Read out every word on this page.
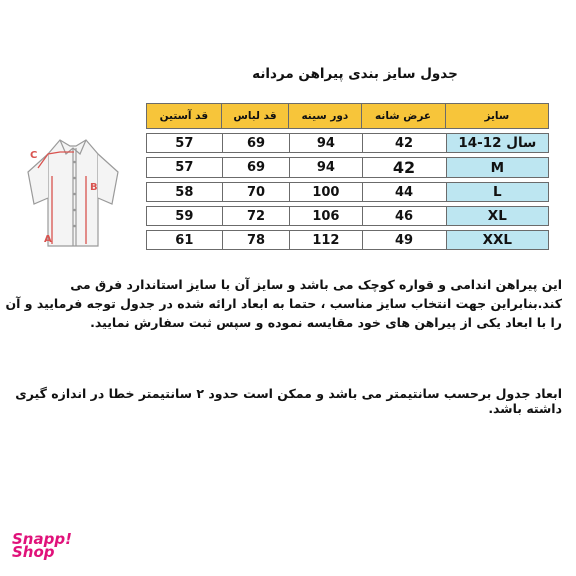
جدول سایز بندی پیراهن مردانه
C
B
A
سایز	عرض شانه	دور سینه	قد لباس	قد آستین
سال 12-14	42	94	69	57
M	42	94	69	57
L	44	100	70	58
XL	46	106	72	59
XXL	49	112	78	61
این پیراهن اندامی و قواره کوچک می باشد و سایز آن با سایز استاندارد فرق می کند.بنابراین جهت انتخاب سایز مناسب ، حتما به ابعاد ارائه شده در جدول توجه فرمایید و آن را با ابعاد یکی از پیراهن های خود مقایسه نموده و سپس ثبت سفارش نمایید.
ابعاد جدول برحسب سانتیمتر می باشد و ممکن است حدود ۲ سانتیمتر خطا در اندازه گیری داشته باشد.
Snapp!
Shop
